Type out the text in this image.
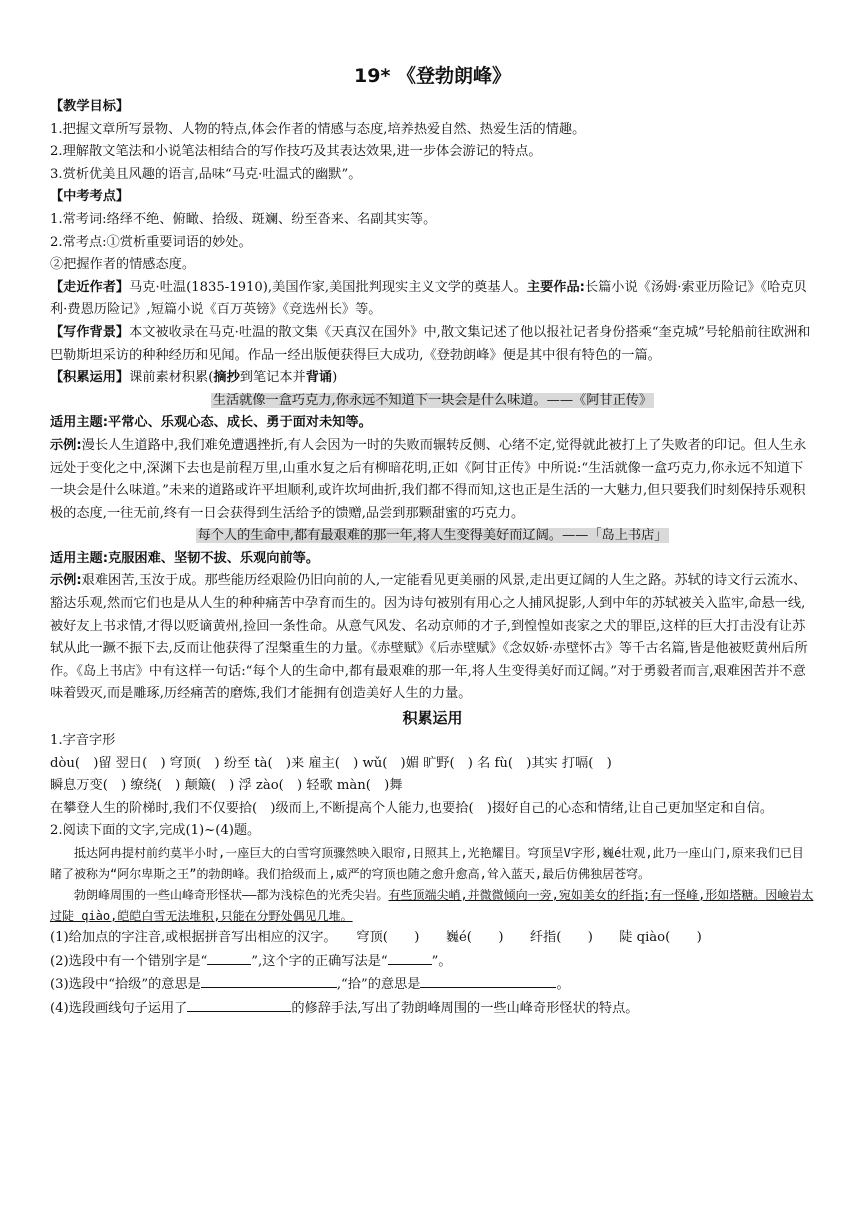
19* 《登勃朗峰》

【教学目标】

1.把握文章所写景物、人物的特点,体会作者的情感与态度,培养热爱自然、热爱生活的情趣。

2.理解散文笔法和小说笔法相结合的写作技巧及其表达效果,进一步体会游记的特点。

3.赏析优美且风趣的语言,品味“马克·吐温式的幽默”。

【中考考点】

1.常考词:络绎不绝、俯瞰、拾级、斑斓、纷至沓来、名副其实等。

2.常考点:①赏析重要词语的妙处。

②把握作者的情感态度。

【走近作者】马克·吐温(1835-1910),美国作家,美国批判现实主义文学的奠基人。主要作品:长篇小说《汤姆·索亚历险记》《哈克贝利·费恩历险记》,短篇小说《百万英镑》《竞选州长》等。

【写作背景】本文被收录在马克·吐温的散文集《天真汉在国外》中,散文集记述了他以报社记者身份搭乘“奎克城”号轮船前往欧洲和巴勒斯坦采访的种种经历和见闻。作品一经出版便获得巨大成功,《登勃朗峰》便是其中很有特色的一篇。

【积累运用】课前素材积累(摘抄到笔记本并背诵)

生活就像一盒巧克力,你永远不知道下一块会是什么味道。——《阿甘正传》

适用主题:平常心、乐观心态、成长、勇于面对未知等。

示例:漫长人生道路中,我们难免遭遇挫折,有人会因为一时的失败而辗转反侧、心绪不定,觉得就此被打上了失败者的印记。但人生永远处于变化之中,深渊下去也是前程万里,山重水复之后有柳暗花明,正如《阿甘正传》中所说:“生活就像一盒巧克力,你永远不知道下一块会是什么味道。”未来的道路或许平坦顺利,或许坎坷曲折,我们都不得而知,这也正是生活的一大魅力,但只要我们时刻保持乐观积极的态度,一往无前,终有一日会获得到生活给予的馈赠,品尝到那颗甜蜜的巧克力。

每个人的生命中,都有最艰难的那一年,将人生变得美好而辽阔。——「岛上书店」

适用主题:克服困难、坚韧不拔、乐观向前等。

示例:艰难困苦,玉汝于成。那些能历经艰险仍旧向前的人,一定能看见更美丽的风景,走出更辽阔的人生之路。苏轼的诗文行云流水、豁达乐观,然而它们也是从人生的种种痛苦中孕育而生的。因为诗句被别有用心之人捕风捉影,人到中年的苏轼被关入监牢,命悬一线,被好友上书求情,才得以贬谪黄州,捡回一条性命。从意气风发、名动京师的才子,到惶惶如丧家之犬的罪臣,这样的巨大打击没有让苏轼从此一蹶不振下去,反而让他获得了涅槃重生的力量。《赤壁赋》《后赤壁赋》《念奴娇·赤壁怀古》等千古名篇,皆是他被贬黄州后所作。《岛上书店》中有这样一句话:“每个人的生命中,都有最艰难的那一年,将人生变得美好而辽阔。”对于勇毅者而言,艰难困苦并不意味着毁灭,而是雕琢,历经痛苦的磨炼,我们才能拥有创造美好人生的力量。

积累运用

1.字音字形

dòu(　)留 翌日(　) 穹顶(　) 纷至 tà(　)来 雇主(　) wǔ(　)媚 旷野(　) 名 fù(　)其实 打嗝(　)

瞬息万变(　) 缭绕(　) 颠簸(　) 浮 zào(　) 轻歌 màn(　)舞

在攀登人生的阶梯时,我们不仅要拾(　)级而上,不断提高个人能力,也要拾(　)掇好自己的心态和情绪,让自己更加坚定和自信。

2.阅读下面的文字,完成(1)~(4)题。

抵达阿冉提村前约莫半小时,一座巨大的白雪穹顶骤然映入眼帘,日照其上,光艳耀目。穹顶呈V字形,巍é壮观,此乃一座山门,原来我们已目睹了被称为“阿尔卑斯之王”的勃朗峰。我们拾级而上,威严的穹顶也随之愈升愈高,耸入蓝天,最后仿佛独居苍穹。

勃朗峰周围的一些山峰奇形怪状——都为浅棕色的光秃尖岩。有些顶端尖峭,并微微倾向一旁,宛如美女的纤指;有一怪峰,形如塔糖。因嶮岩太过陡 qiào,皑皑白雪无法堆积,只能在分野处偶见几堆。

(1)给加点的字注音,或根据拼音写出相应的汉字。　　穹顶(　　)　　巍é(　　)　　纤指(　　)　　陡 qiào(　　)

(2)选段中有一个错别字是“	”,这个字的正确写法是“	”。

(3)选段中“拾级”的意思是	,“拾”的意思是	。

(4)选段画线句子运用了	的修辞手法,写出了勃朗峰周围的一些山峰奇形怪状的特点。
